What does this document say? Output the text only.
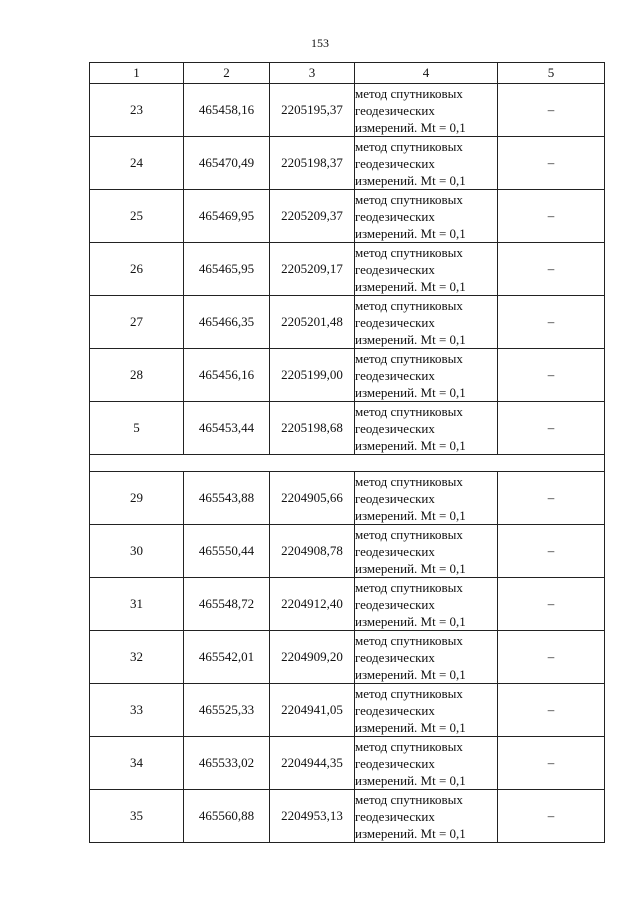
153
1	2	3	4	5
23	465458,16	2205195,37	метод спутниковых
геодезических
измерений. Mt = 0,1	–
24	465470,49	2205198,37	метод спутниковых
геодезических
измерений. Mt = 0,1	–
25	465469,95	2205209,37	метод спутниковых
геодезических
измерений. Mt = 0,1	–
26	465465,95	2205209,17	метод спутниковых
геодезических
измерений. Mt = 0,1	–
27	465466,35	2205201,48	метод спутниковых
геодезических
измерений. Mt = 0,1	–
28	465456,16	2205199,00	метод спутниковых
геодезических
измерений. Mt = 0,1	–
5	465453,44	2205198,68	метод спутниковых
геодезических
измерений. Mt = 0,1	–

29	465543,88	2204905,66	метод спутниковых
геодезических
измерений. Mt = 0,1	–
30	465550,44	2204908,78	метод спутниковых
геодезических
измерений. Mt = 0,1	–
31	465548,72	2204912,40	метод спутниковых
геодезических
измерений. Mt = 0,1	–
32	465542,01	2204909,20	метод спутниковых
геодезических
измерений. Mt = 0,1	–
33	465525,33	2204941,05	метод спутниковых
геодезических
измерений. Mt = 0,1	–
34	465533,02	2204944,35	метод спутниковых
геодезических
измерений. Mt = 0,1	–
35	465560,88	2204953,13	метод спутниковых
геодезических
измерений. Mt = 0,1	–
